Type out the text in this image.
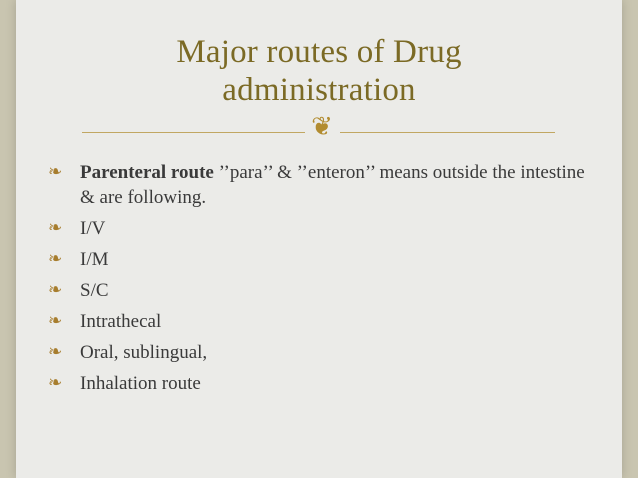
Major routes of Drug
administration
❦
❧ Parenteral route ’’para’’ & ’’enteron’’ means outside the intestine & are following.
❧ I/V
❧ I/M
❧ S/C
❧ Intrathecal
❧ Oral, sublingual,
❧ Inhalation route
